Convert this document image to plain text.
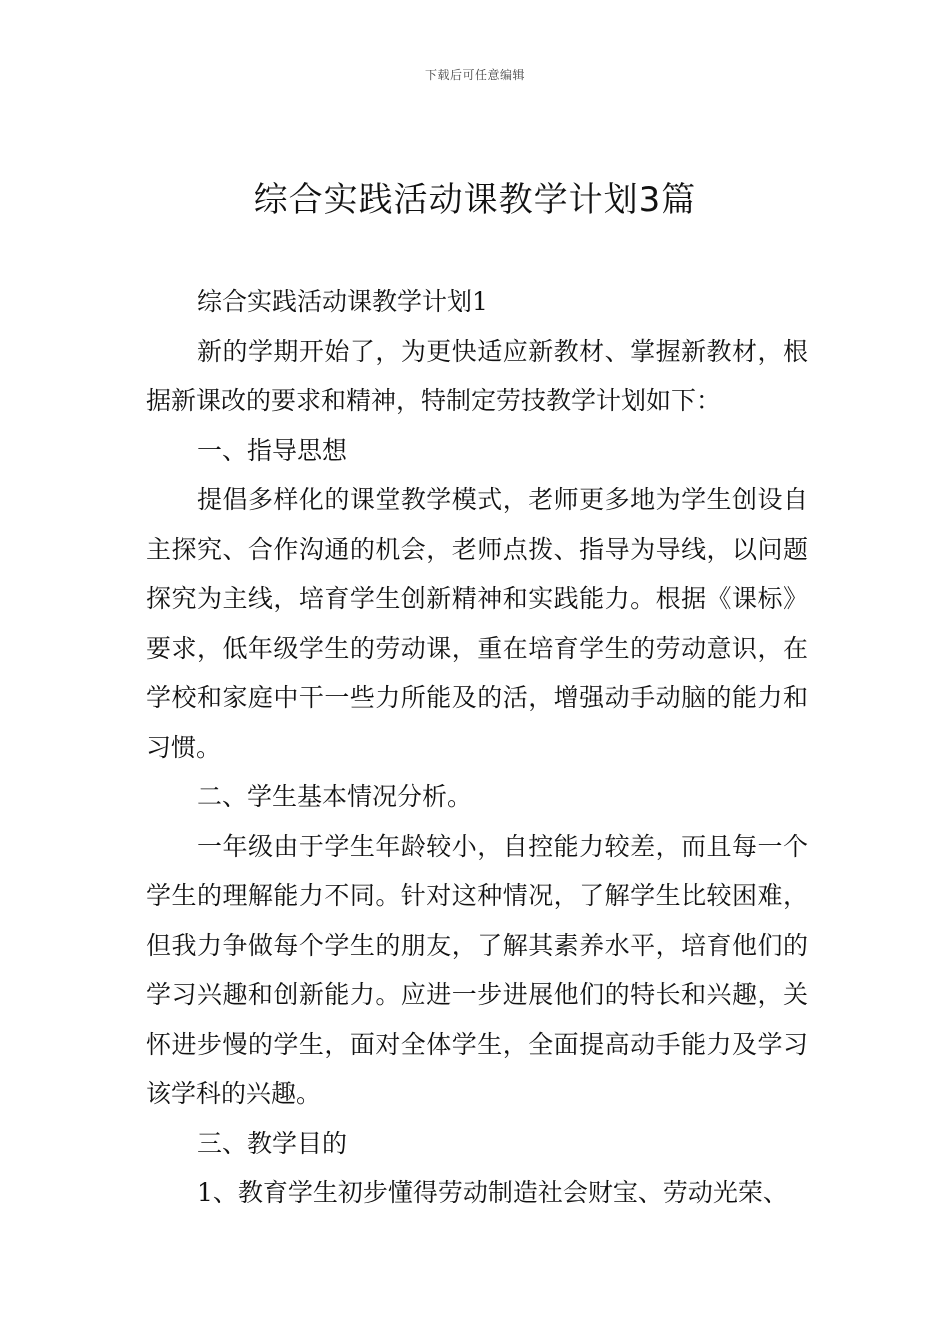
下载后可任意编辑
综合实践活动课教学计划3篇

综合实践活动课教学计划1

新的学期开始了，为更快适应新教材、掌握新教材，根据新课改的要求和精神，特制定劳技教学计划如下：

一、指导思想

提倡多样化的课堂教学模式，老师更多地为学生创设自主探究、合作沟通的机会，老师点拨、指导为导线，以问题探究为主线，培育学生创新精神和实践能力。根据《课标》要求，低年级学生的劳动课，重在培育学生的劳动意识，在学校和家庭中干一些力所能及的活，增强动手动脑的能力和习惯。

二、学生基本情况分析。

一年级由于学生年龄较小，自控能力较差，而且每一个学生的理解能力不同。针对这种情况，了解学生比较困难，但我力争做每个学生的朋友，了解其素养水平，培育他们的学习兴趣和创新能力。应进一步进展他们的特长和兴趣，关怀进步慢的学生，面对全体学生，全面提高动手能力及学习该学科的兴趣。

三、教学目的

1、教育学生初步懂得劳动制造社会财宝、劳动光荣、
